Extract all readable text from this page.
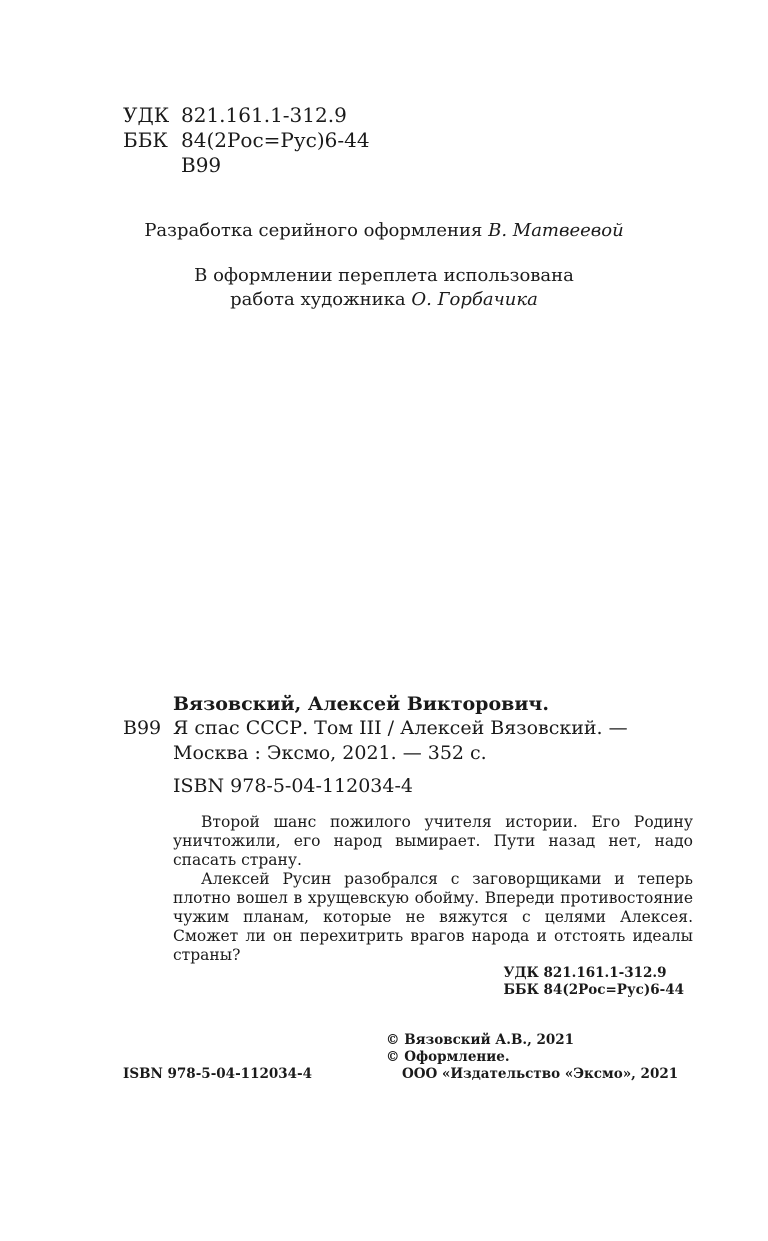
УДК 821.161.1-312.9
ББК 84(2Рос=Рус)6-44
В99
Разработка серийного оформления В. Матвеевой
В оформлении переплета использована
работа художника О. Горбачика
Вязовский, Алексей Викторович.
В99 Я спас СССР. Том III / Алексей Вязовский. —
Москва : Эксмо, 2021. — 352 с.
ISBN 978-5-04-112034-4

Второй шанс пожилого учителя истории. Его Родину уничтожили, его народ вымирает. Пути назад нет, надо спасать страну.

Алексей Русин разобрался с заговорщиками и теперь плотно вошел в хрущевскую обойму. Впереди противостояние чужим планам, которые не вяжутся с целями Алексея. Сможет ли он перехитрить врагов народа и отстоять идеалы страны?

УДК 821.161.1-312.9
ББК 84(2Рос=Рус)6-44
© Вязовский А.В., 2021
© Оформление.
ООО «Издательство «Эксмо», 2021
ISBN 978-5-04-112034-4
